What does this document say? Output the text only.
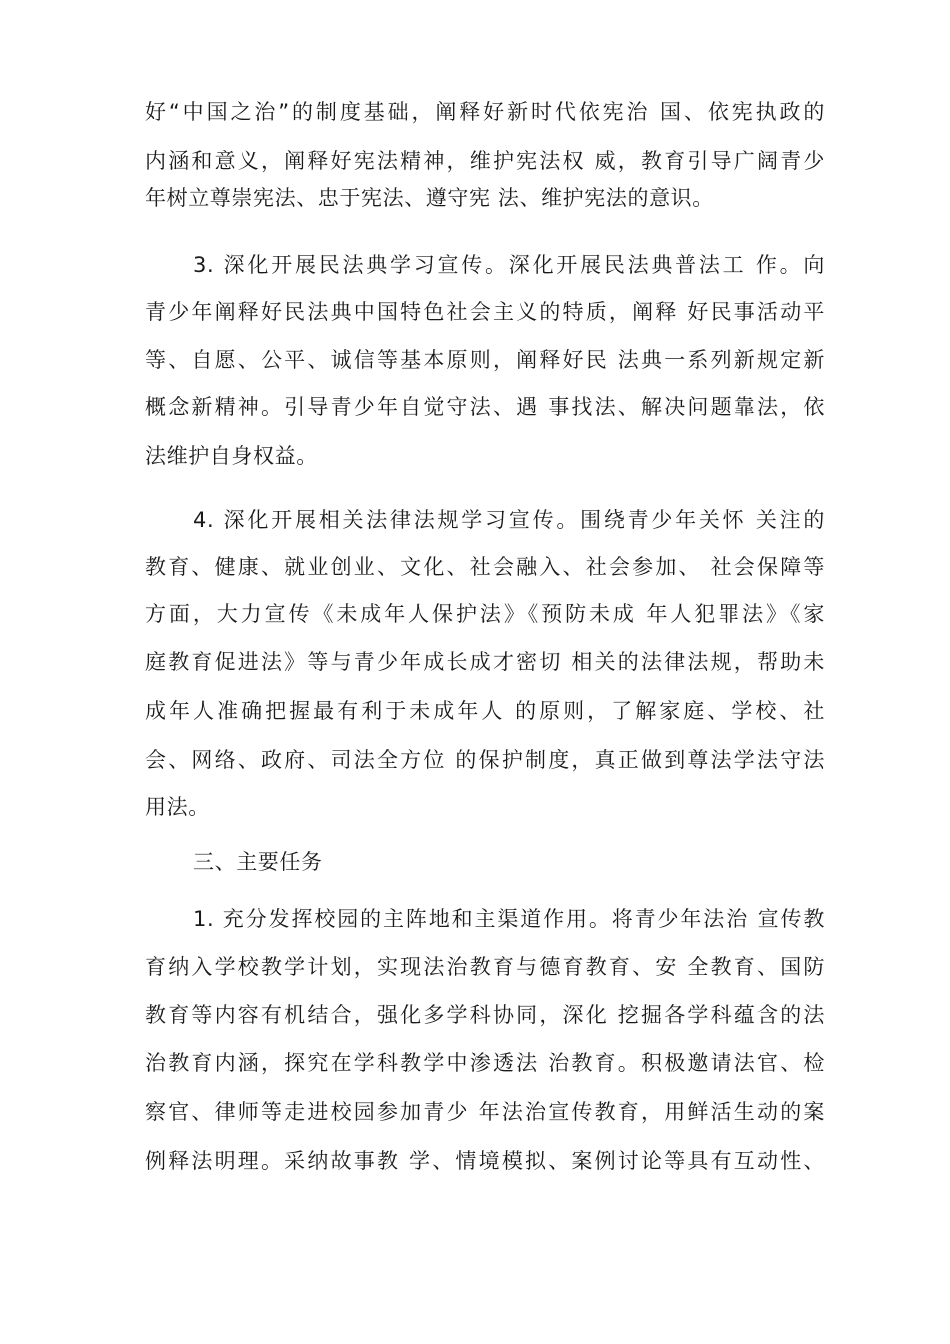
好“中国之治”的制度基础，阐释好新时代依宪治 国、依宪执政的
内涵和意义，阐释好宪法精神，维护宪法权 威，教育引导广阔青少
年树立尊崇宪法、忠于宪法、遵守宪 法、维护宪法的意识。
3. 深化开展民法典学习宣传。深化开展民法典普法工 作。向
青少年阐释好民法典中国特色社会主义的特质，阐释 好民事活动平
等、自愿、公平、诚信等基本原则，阐释好民 法典一系列新规定新
概念新精神。引导青少年自觉守法、遇 事找法、解决问题靠法，依
法维护自身权益。
4. 深化开展相关法律法规学习宣传。围绕青少年关怀 关注的
教育、健康、就业创业、文化、社会融入、社会参加、 社会保障等
方面，大力宣传《未成年人保护法》《预防未成 年人犯罪法》《家
庭教育促进法》等与青少年成长成才密切 相关的法律法规，帮助未
成年人准确把握最有利于未成年人 的原则，了解家庭、学校、社
会、网络、政府、司法全方位 的保护制度，真正做到尊法学法守法
用法。
三、主要任务
1. 充分发挥校园的主阵地和主渠道作用。将青少年法治 宣传教
育纳入学校教学计划，实现法治教育与德育教育、安 全教育、国防
教育等内容有机结合，强化多学科协同，深化 挖掘各学科蕴含的法
治教育内涵，探究在学科教学中渗透法 治教育。积极邀请法官、检
察官、律师等走进校园参加青少 年法治宣传教育，用鲜活生动的案
例释法明理。采纳故事教 学、情境模拟、案例讨论等具有互动性、
